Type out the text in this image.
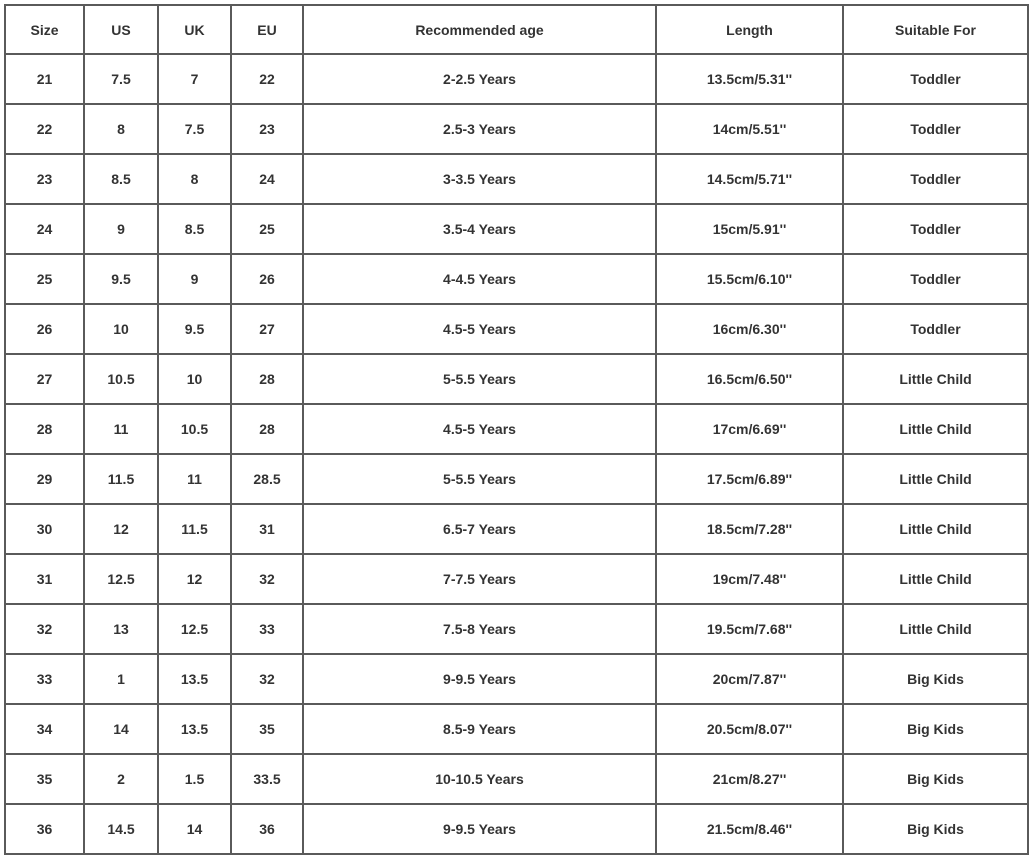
Size	US	UK	EU	Recommended age	Length	Suitable For
21	7.5	7	22	2-2.5 Years	13.5cm/5.31''	Toddler
22	8	7.5	23	2.5-3 Years	14cm/5.51''	Toddler
23	8.5	8	24	3-3.5 Years	14.5cm/5.71''	Toddler
24	9	8.5	25	3.5-4 Years	15cm/5.91''	Toddler
25	9.5	9	26	4-4.5 Years	15.5cm/6.10''	Toddler
26	10	9.5	27	4.5-5 Years	16cm/6.30''	Toddler
27	10.5	10	28	5-5.5 Years	16.5cm/6.50''	Little Child
28	11	10.5	28	4.5-5 Years	17cm/6.69''	Little Child
29	11.5	11	28.5	5-5.5 Years	17.5cm/6.89''	Little Child
30	12	11.5	31	6.5-7 Years	18.5cm/7.28''	Little Child
31	12.5	12	32	7-7.5 Years	19cm/7.48''	Little Child
32	13	12.5	33	7.5-8 Years	19.5cm/7.68''	Little Child
33	1	13.5	32	9-9.5 Years	20cm/7.87''	Big Kids
34	14	13.5	35	8.5-9 Years	20.5cm/8.07''	Big Kids
35	2	1.5	33.5	10-10.5 Years	21cm/8.27''	Big Kids
36	14.5	14	36	9-9.5 Years	21.5cm/8.46''	Big Kids
